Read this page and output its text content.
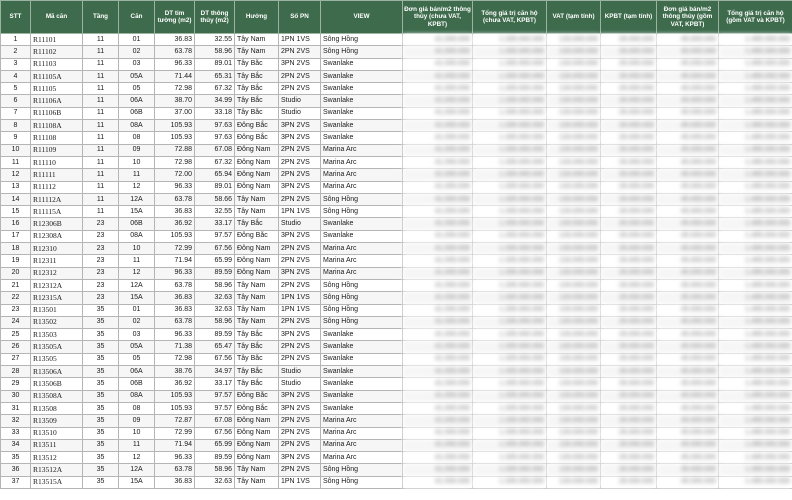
STT	Mã căn	Tầng	Căn	DT tim tường (m2)	DT thông thủy (m2)	Hướng	Số PN	VIEW	Đơn giá bán/m2 thông thủy (chưa VAT, KPBT)	Tổng giá trị căn hộ (chưa VAT, KPBT)	VAT (tạm tính)	KPBT (tạm tính)	Đơn giá bán/m2 thông thủy (gồm VAT, KPBT)	Tổng giá trị căn hộ (gồm VAT và KPBT)
1	R11101	11	01	36.83	32.55	Tây Nam	1PN 1VS	Sông Hồng	41.000.000	1.335.000.000	133.000.000	26.000.000	45.000.000	1.495.000.000
2	R11102	11	02	63.78	58.96	Tây Nam	2PN 2VS	Sông Hồng	41.000.000	1.335.000.000	133.000.000	26.000.000	45.000.000	1.495.000.000
3	R11103	11	03	96.33	89.01	Tây Bắc	3PN 2VS	Swanlake	41.000.000	1.335.000.000	133.000.000	26.000.000	45.000.000	1.495.000.000
4	R11105A	11	05A	71.44	65.31	Tây Bắc	2PN 2VS	Swanlake	41.000.000	1.335.000.000	133.000.000	26.000.000	45.000.000	1.495.000.000
5	R11105	11	05	72.98	67.32	Tây Bắc	2PN 2VS	Swanlake	41.000.000	1.335.000.000	133.000.000	26.000.000	45.000.000	1.495.000.000
6	R11106A	11	06A	38.70	34.99	Tây Bắc	Studio	Swanlake	41.000.000	1.335.000.000	133.000.000	26.000.000	45.000.000	1.495.000.000
7	R11106B	11	06B	37.00	33.18	Tây Bắc	Studio	Swanlake	41.000.000	1.335.000.000	133.000.000	26.000.000	45.000.000	1.495.000.000
8	R11108A	11	08A	105.93	97.63	Đông Bắc	3PN 2VS	Swanlake	41.000.000	1.335.000.000	133.000.000	26.000.000	45.000.000	1.495.000.000
9	R11108	11	08	105.93	97.63	Đông Bắc	3PN 2VS	Swanlake	41.000.000	1.335.000.000	133.000.000	26.000.000	45.000.000	1.495.000.000
10	R11109	11	09	72.88	67.08	Đông Nam	2PN 2VS	Marina Arc	41.000.000	1.335.000.000	133.000.000	26.000.000	45.000.000	1.495.000.000
11	R11110	11	10	72.98	67.32	Đông Nam	2PN 2VS	Marina Arc	41.000.000	1.335.000.000	133.000.000	26.000.000	45.000.000	1.495.000.000
12	R11111	11	11	72.00	65.94	Đông Nam	2PN 2VS	Marina Arc	41.000.000	1.335.000.000	133.000.000	26.000.000	45.000.000	1.495.000.000
13	R11112	11	12	96.33	89.01	Đông Nam	3PN 2VS	Marina Arc	41.000.000	1.335.000.000	133.000.000	26.000.000	45.000.000	1.495.000.000
14	R11112A	11	12A	63.78	58.66	Tây Nam	2PN 2VS	Sông Hồng	41.000.000	1.335.000.000	133.000.000	26.000.000	45.000.000	1.495.000.000
15	R11115A	11	15A	36.83	32.55	Tây Nam	1PN 1VS	Sông Hồng	41.000.000	1.335.000.000	133.000.000	26.000.000	45.000.000	1.495.000.000
16	R12306B	23	06B	36.92	33.17	Tây Bắc	Studio	Swanlake	41.000.000	1.335.000.000	133.000.000	26.000.000	45.000.000	1.495.000.000
17	R12308A	23	08A	105.93	97.57	Đông Bắc	3PN 2VS	Swanlake	41.000.000	1.335.000.000	133.000.000	26.000.000	45.000.000	1.495.000.000
18	R12310	23	10	72.99	67.56	Đông Nam	2PN 2VS	Marina Arc	41.000.000	1.335.000.000	133.000.000	26.000.000	45.000.000	1.495.000.000
19	R12311	23	11	71.94	65.99	Đông Nam	2PN 2VS	Marina Arc	41.000.000	1.335.000.000	133.000.000	26.000.000	45.000.000	1.495.000.000
20	R12312	23	12	96.33	89.59	Đông Nam	3PN 2VS	Marina Arc	41.000.000	1.335.000.000	133.000.000	26.000.000	45.000.000	1.495.000.000
21	R12312A	23	12A	63.78	58.96	Tây Nam	2PN 2VS	Sông Hồng	41.000.000	1.335.000.000	133.000.000	26.000.000	45.000.000	1.495.000.000
22	R12315A	23	15A	36.83	32.63	Tây Nam	1PN 1VS	Sông Hồng	41.000.000	1.335.000.000	133.000.000	26.000.000	45.000.000	1.495.000.000
23	R13501	35	01	36.83	32.63	Tây Nam	1PN 1VS	Sông Hồng	41.000.000	1.335.000.000	133.000.000	26.000.000	45.000.000	1.495.000.000
24	R13502	35	02	63.78	58.96	Tây Nam	2PN 2VS	Sông Hồng	41.000.000	1.335.000.000	133.000.000	26.000.000	45.000.000	1.495.000.000
25	R13503	35	03	96.33	89.59	Tây Bắc	3PN 2VS	Swanlake	41.000.000	1.335.000.000	133.000.000	26.000.000	45.000.000	1.495.000.000
26	R13505A	35	05A	71.38	65.47	Tây Bắc	2PN 2VS	Swanlake	41.000.000	1.335.000.000	133.000.000	26.000.000	45.000.000	1.495.000.000
27	R13505	35	05	72.98	67.56	Tây Bắc	2PN 2VS	Swanlake	41.000.000	1.335.000.000	133.000.000	26.000.000	45.000.000	1.495.000.000
28	R13506A	35	06A	38.76	34.97	Tây Bắc	Studio	Swanlake	41.000.000	1.335.000.000	133.000.000	26.000.000	45.000.000	1.495.000.000
29	R13506B	35	06B	36.92	33.17	Tây Bắc	Studio	Swanlake	41.000.000	1.335.000.000	133.000.000	26.000.000	45.000.000	1.495.000.000
30	R13508A	35	08A	105.93	97.57	Đông Bắc	3PN 2VS	Swanlake	41.000.000	1.335.000.000	133.000.000	26.000.000	45.000.000	1.495.000.000
31	R13508	35	08	105.93	97.57	Đông Bắc	3PN 2VS	Swanlake	41.000.000	1.335.000.000	133.000.000	26.000.000	45.000.000	1.495.000.000
32	R13509	35	09	72.87	67.08	Đông Nam	2PN 2VS	Marina Arc	41.000.000	1.335.000.000	133.000.000	26.000.000	45.000.000	1.495.000.000
33	R13510	35	10	72.99	67.56	Đông Nam	2PN 2VS	Marina Arc	41.000.000	1.335.000.000	133.000.000	26.000.000	45.000.000	1.495.000.000
34	R13511	35	11	71.94	65.99	Đông Nam	2PN 2VS	Marina Arc	41.000.000	1.335.000.000	133.000.000	26.000.000	45.000.000	1.495.000.000
35	R13512	35	12	96.33	89.59	Đông Nam	3PN 2VS	Marina Arc	41.000.000	1.335.000.000	133.000.000	26.000.000	45.000.000	1.495.000.000
36	R13512A	35	12A	63.78	58.96	Tây Nam	2PN 2VS	Sông Hồng	41.000.000	1.335.000.000	133.000.000	26.000.000	45.000.000	1.495.000.000
37	R13515A	35	15A	36.83	32.63	Tây Nam	1PN 1VS	Sông Hồng	41.000.000	1.335.000.000	133.000.000	26.000.000	45.000.000	1.495.000.000
